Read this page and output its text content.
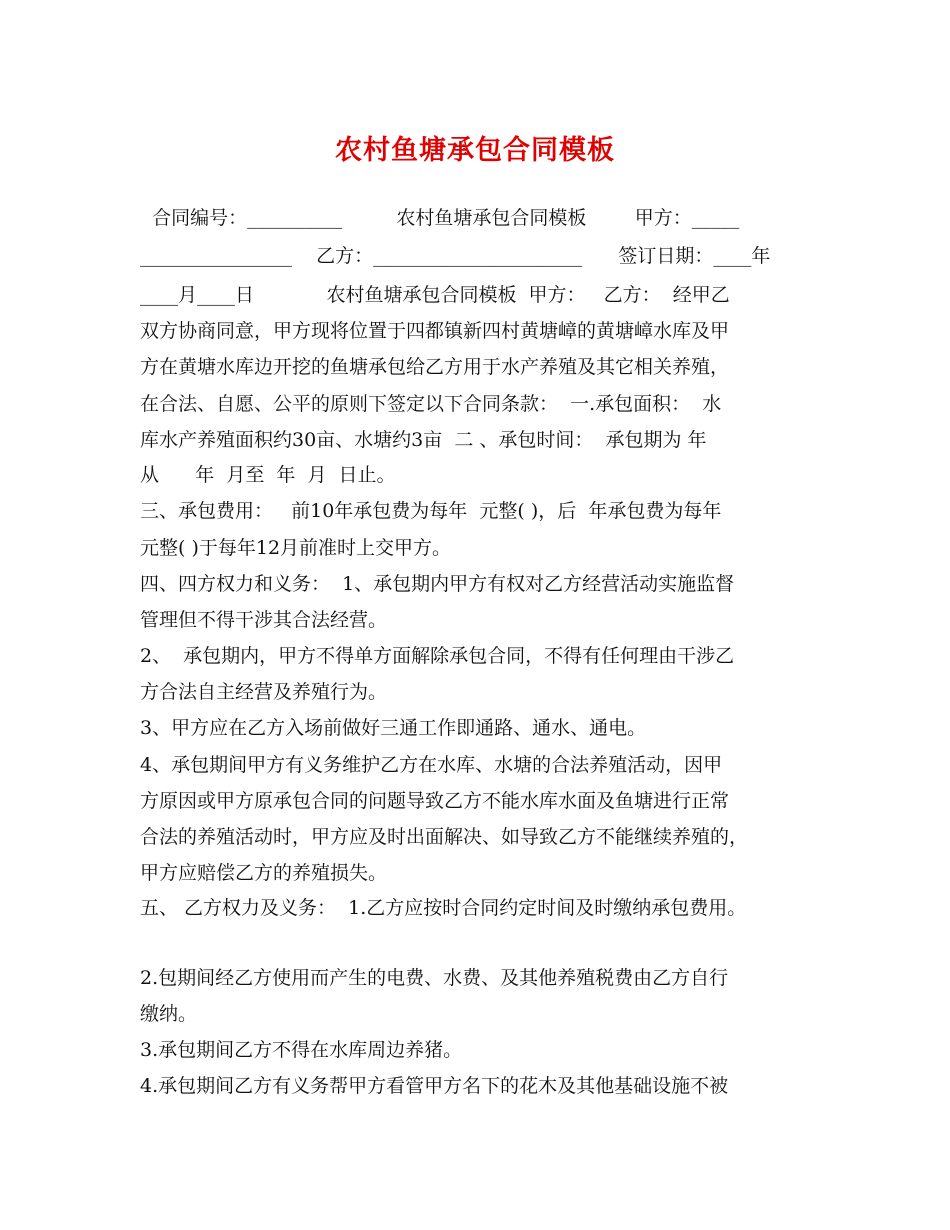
农村鱼塘承包合同模板
合同编号：__________         农村鱼塘承包合同模板        甲方：_____
________________    乙方：______________________      签订日期：____年
____月____日            农村鱼塘承包合同模板  甲方：   乙方：  经甲乙
双方协商同意，甲方现将位置于四都镇新四村黄塘嶂的黄塘嶂水库及甲
方在黄塘水库边开挖的鱼塘承包给乙方用于水产养殖及其它相关养殖，
在合法、自愿、公平的原则下签定以下合同条款：  一.承包面积：  水
库水产养殖面积约30亩、水塘约3亩  二 、承包时间：  承包期为 年
从      年  月至  年  月  日止。
三、承包费用：   前10年承包费为每年  元整( )，后  年承包费为每年
元整( )于每年12月前准时上交甲方。
四、四方权力和义务：  1、承包期内甲方有权对乙方经营活动实施监督
管理但不得干涉其合法经营。
2、  承包期内，甲方不得单方面解除承包合同，不得有任何理由干涉乙
方合法自主经营及养殖行为。
3、甲方应在乙方入场前做好三通工作即通路、通水、通电。
4、承包期间甲方有义务维护乙方在水库、水塘的合法养殖活动，因甲
方原因或甲方原承包合同的问题导致乙方不能水库水面及鱼塘进行正常
合法的养殖活动时，甲方应及时出面解决、如导致乙方不能继续养殖的，
甲方应赔偿乙方的养殖损失。
五、 乙方权力及义务：  1.乙方应按时合同约定时间及时缴纳承包费用。
2.包期间经乙方使用而产生的电费、水费、及其他养殖税费由乙方自行
缴纳。
3.承包期间乙方不得在水库周边养猪。
4.承包期间乙方有义务帮甲方看管甲方名下的花木及其他基础设施不被
